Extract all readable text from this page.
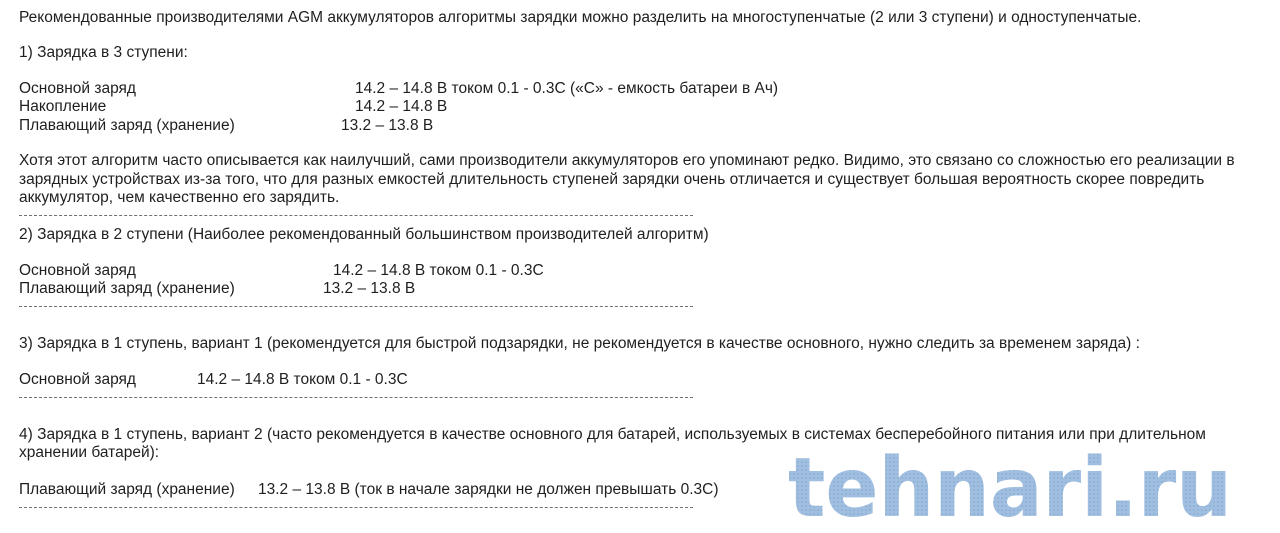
Рекомендованные производителями AGM аккумуляторов алгоритмы зарядки можно разделить на многоступенчатые (2 или 3 ступени) и одноступенчатые.
1) Зарядка в 3 ступени:
Основной заряд	14.2 – 14.8 В током 0.1 - 0.3С («С» - емкость батареи в Ач)
Накопление	14.2 – 14.8 В
Плавающий заряд (хранение)	13.2 – 13.8 В
Хотя этот алгоритм часто описывается как наилучший, сами производители аккумуляторов его упоминают редко. Видимо, это связано со сложностью его реализации в
зарядных устройствах из-за того, что для разных емкостей длительность ступеней зарядки очень отличается и существует большая вероятность скорее повредить
аккумулятор, чем качественно его зарядить.
2) Зарядка в 2 ступени (Наиболее рекомендованный большинством производителей алгоритм)
Основной заряд	14.2 – 14.8 В током 0.1 - 0.3С
Плавающий заряд (хранение)	13.2 – 13.8 В
3) Зарядка в 1 ступень, вариант 1 (рекомендуется для быстрой подзарядки, не рекомендуется в качестве основного, нужно следить за временем заряда) :
Основной заряд	14.2 – 14.8 В током 0.1 - 0.3С
4) Зарядка в 1 ступень, вариант 2 (часто рекомендуется в качестве основного для батарей, используемых в системах бесперебойного питания или при длительном
хранении батарей):
Плавающий заряд (хранение) 13.2 – 13.8 В (ток в начале зарядки не должен превышать 0.3С) tehnari.ru
